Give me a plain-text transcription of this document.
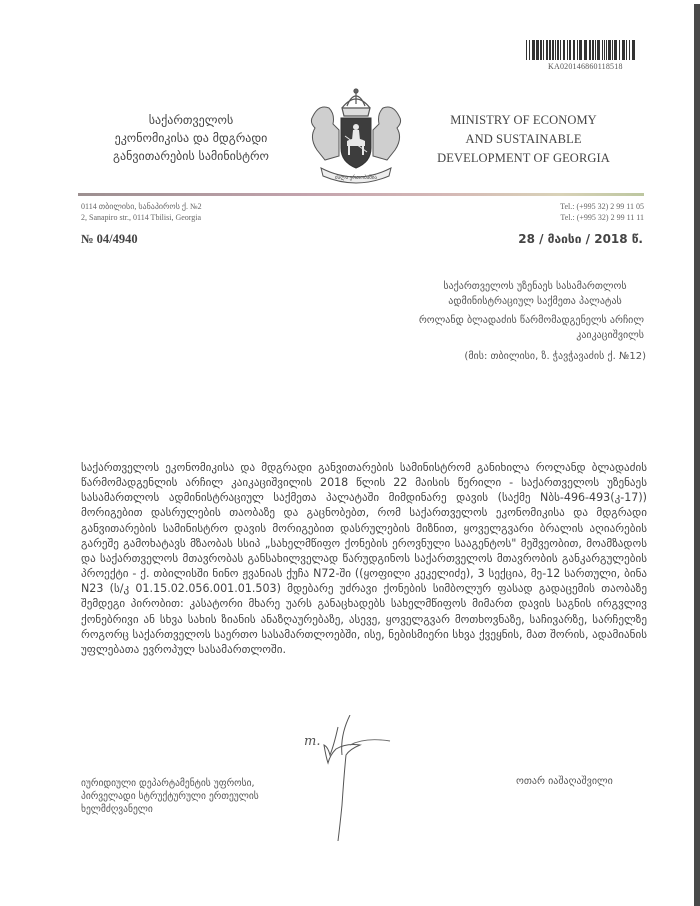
KA020146860118518
საქართველოს
ეკონომიკისა და მდგრადი
განვითარების სამინისტრო
ძალა ერთობაშია
MINISTRY OF ECONOMY
AND SUSTAINABLE
DEVELOPMENT OF GEORGIA
0114 თბილისი, სანაპიროს ქ. №2
2, Sanapiro str., 0114 Tbilisi, Georgia
Tel.: (+995 32) 2 99 11 05
Tel.: (+995 32) 2 99 11 11
№ 04/4940	28 / მაისი / 2018 წ.
საქართველოს უზენაეს სასამართლოს
ადმინისტრაციულ საქმეთა პალატას
როლანდ ბლადაძის წარმომადგენელს არჩილ
კაიკაციშვილს
(მის: თბილისი, ზ. ჭავჭავაძის ქ. №12)
საქართველოს ეკონომიკისა და მდგრადი განვითარების სამინისტრომ განიხილა როლანდ ბლადაძის წარმომადგენლის არჩილ კაიკაციშვილის 2018 წლის 22 მაისის წერილი - საქართველოს უზენაეს სასამართლოს ადმინისტრაციულ საქმეთა პალატაში მიმდინარე დავის (საქმე Nბს-496-493(კ-17)) მორიგებით დასრულების თაობაზე და გაცნობებთ, რომ საქართველოს ეკონომიკისა და მდგრადი განვითარების სამინისტრო დავის მორიგებით დასრულების მიზნით, ყოველგვარი ბრალის აღიარების გარეშე გამოხატავს მზაობას სსიპ „სახელმწიფო ქონების ეროვნული სააგენტოს" მეშვეობით, მოამზადოს და საქართველოს მთავრობას განსახილველად წარუდგინოს საქართველოს მთავრობის განკარგულების პროექტი - ქ. თბილისში ნინო ჟვანიას ქუჩა N72-ში ((ყოფილი კეკელიძე), 3 სექცია, მე-12 სართული, ბინა N23 (ს/კ 01.15.02.056.001.01.503) მდებარე უძრავი ქონების სიმბოლურ ფასად გადაცემის თაობაზე შემდეგი პირობით: კასატორი მხარე უარს განაცხადებს სახელმწიფოს მიმართ დავის საგნის ირგვლივ ქონებრივი ან სხვა სახის ზიანის ანაზღაურებაზე, ასევე, ყოველგვარ მოთხოვნაზე, საჩივარზე, სარჩელზე როგორც საქართველოს საერთო სასამართლოებში, ისე, ნებისმიერი სხვა ქვეყნის, მათ შორის, ადამიანის უფლებათა ევროპულ სასამართლოში.
m.
იურიდიული დეპარტამენტის უფროსი,
პირველადი სტრუქტურული ერთეულის
ხელმძღვანელი
ოთარ იაშაღაშვილი
